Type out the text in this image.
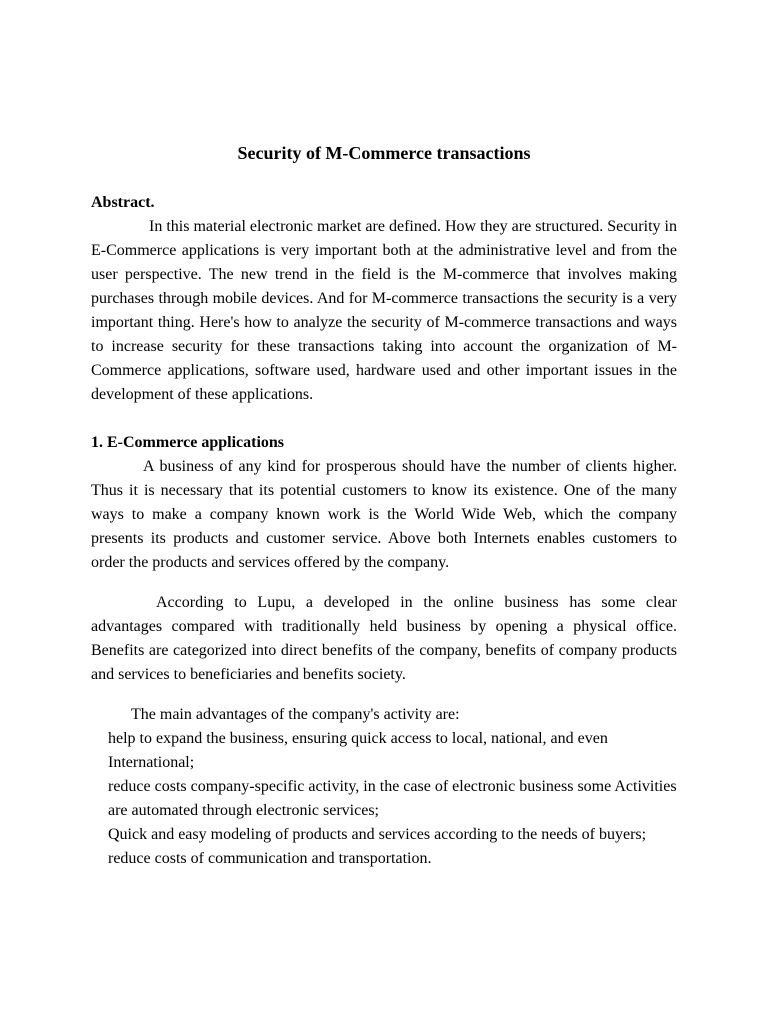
Security of M-Commerce transactions

Abstract.

In this material electronic market are defined. How they are structured. Security in E-Commerce applications is very important both at the administrative level and from the user perspective. The new trend in the field is the M-commerce that involves making purchases through mobile devices. And for M-commerce transactions the security is a very important thing. Here's how to analyze the security of M-commerce transactions and ways to increase security for these transactions taking into account the organization of M-Commerce applications, software used, hardware used and other important issues in the development of these applications.

1. E-Commerce applications

A business of any kind for prosperous should have the number of clients higher. Thus it is necessary that its potential customers to know its existence. One of the many ways to make a company known work is the World Wide Web, which the company presents its products and customer service. Above both Internets enables customers to order the products and services offered by the company.

According to Lupu, a developed in the online business has some clear advantages compared with traditionally held business by opening a physical office. Benefits are categorized into direct benefits of the company, benefits of company products and services to beneficiaries and benefits society.

The main advantages of the company's activity are:

help to expand the business, ensuring quick access to local, national, and even International;
reduce costs company-specific activity, in the case of electronic business some Activities are automated through electronic services;
Quick and easy modeling of products and services according to the needs of buyers;
reduce costs of communication and transportation.
